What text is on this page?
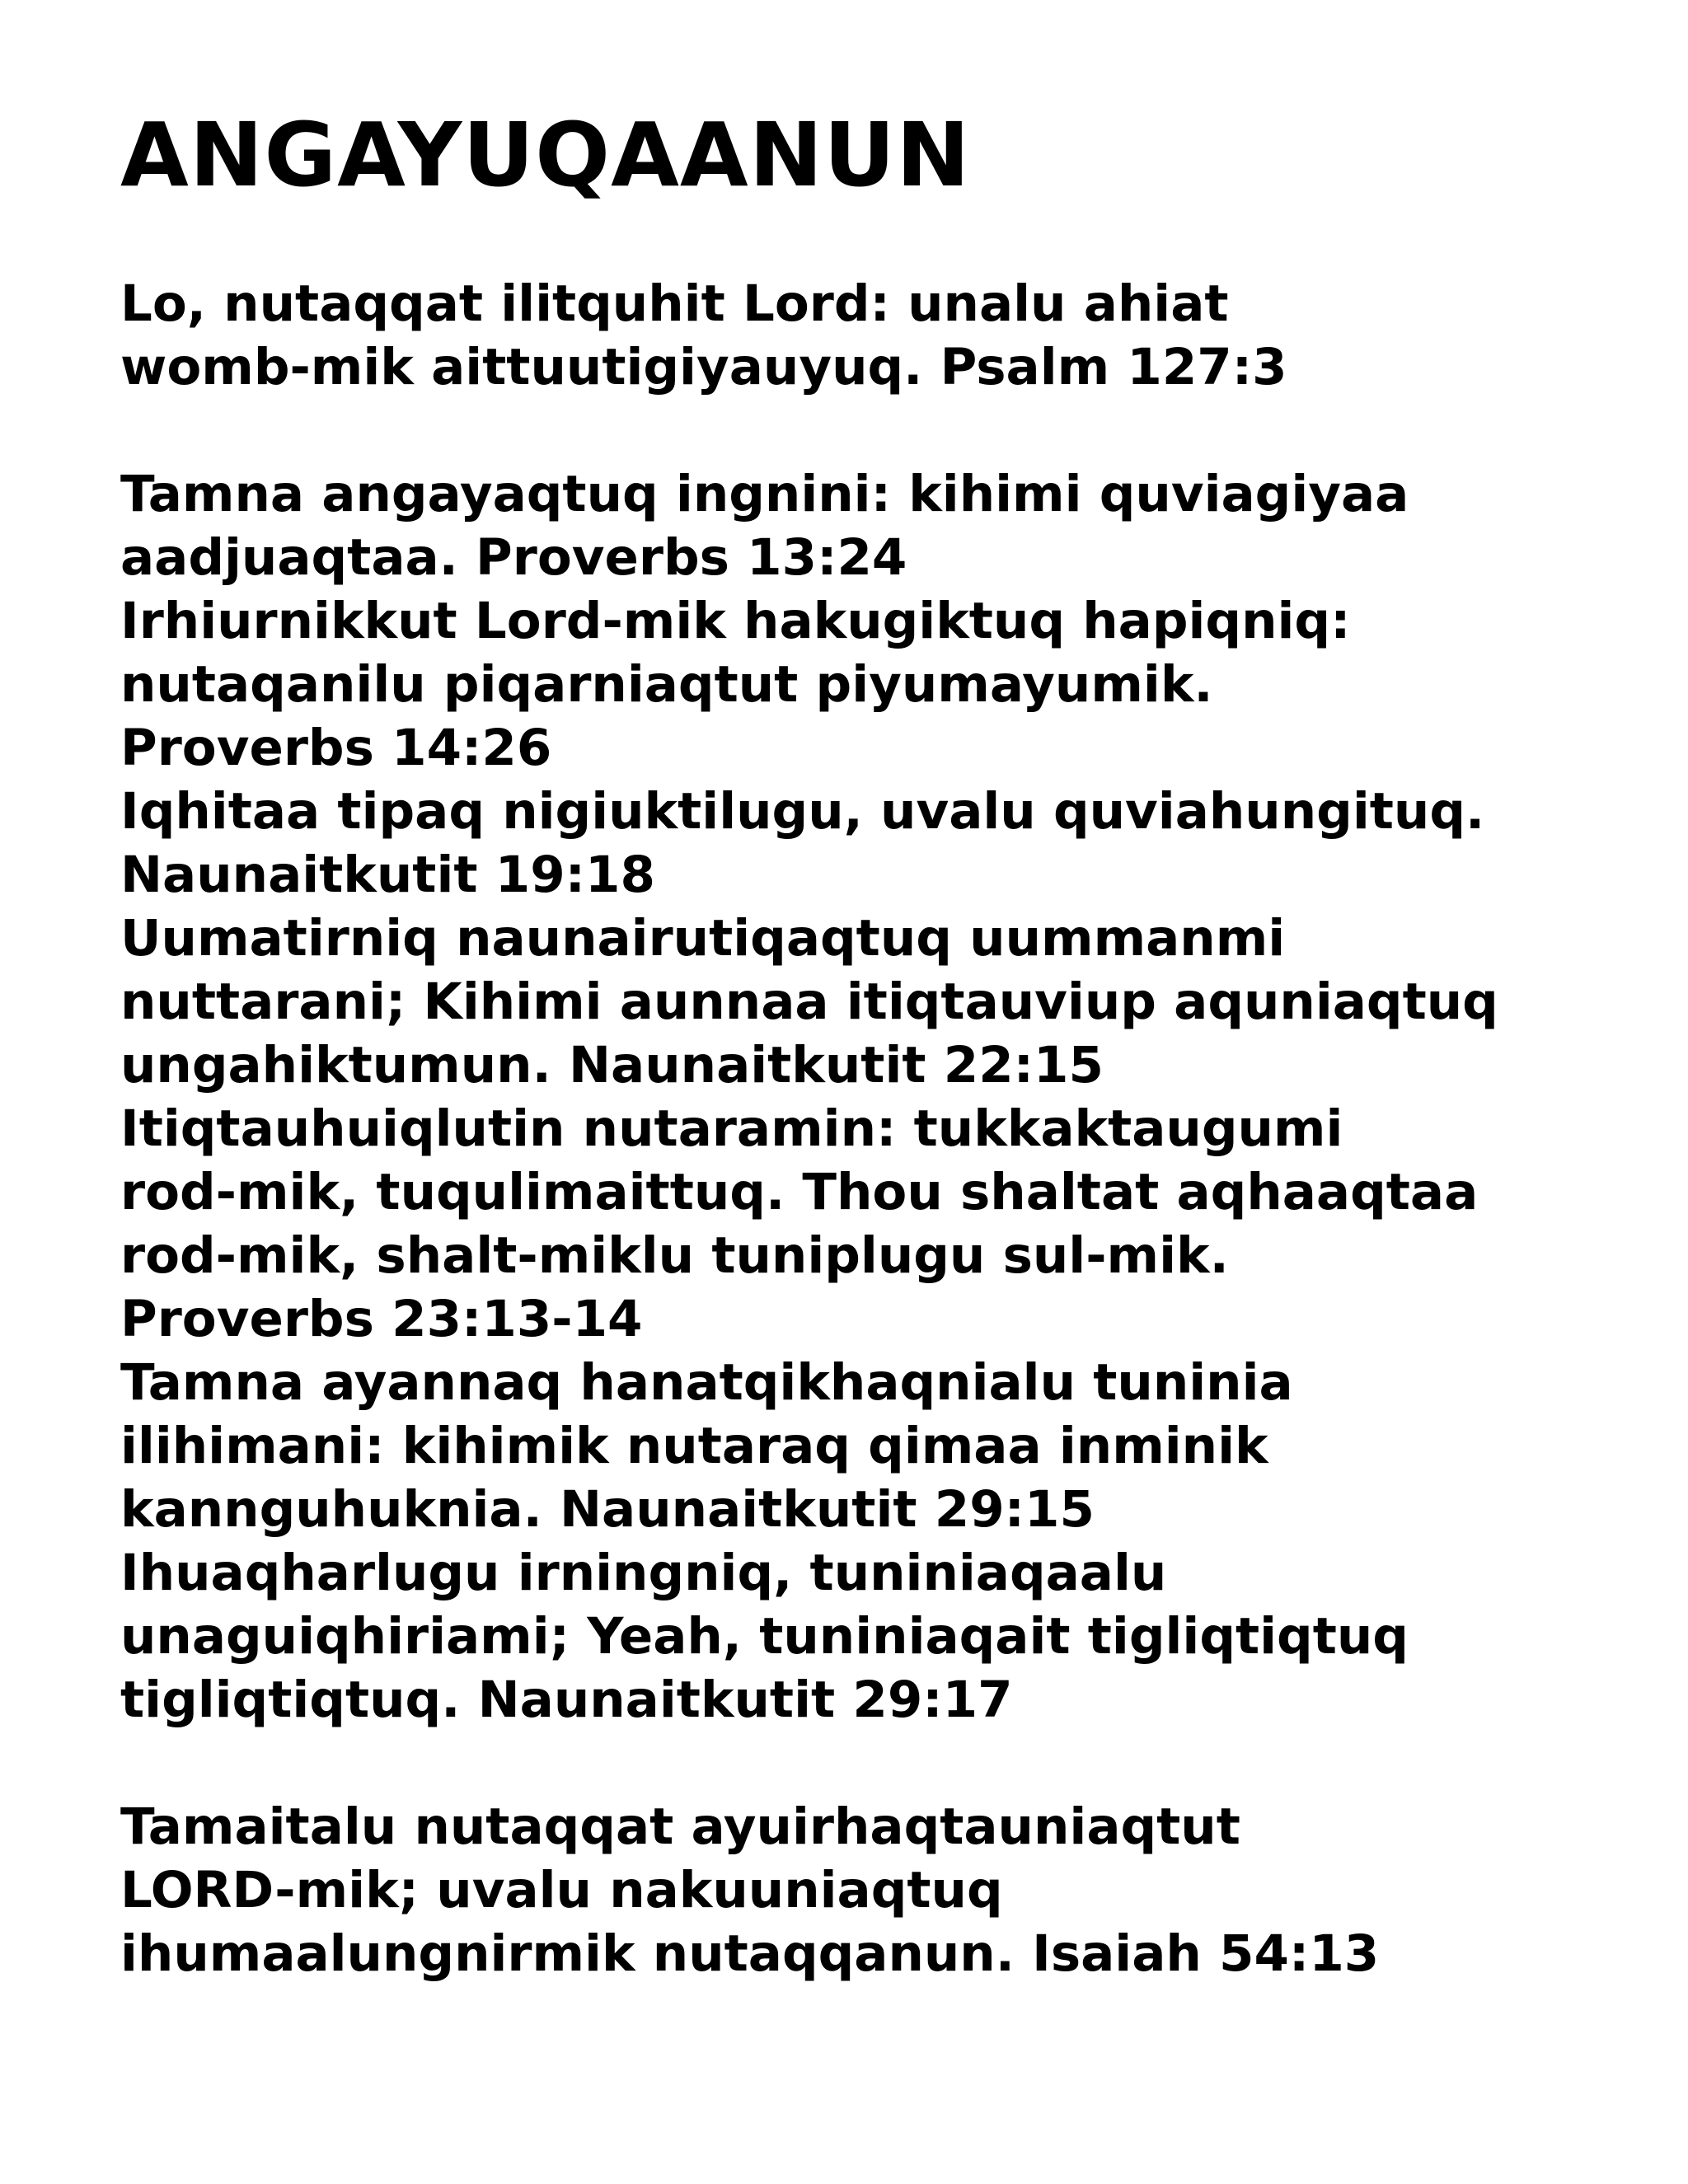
ANGAYUQAANUN
Lo, nutaqqat ilitquhit Lord: unalu ahiat
womb-mik aittuutigiyauyuq. Psalm 127:3
Tamna angayaqtuq ingnini: kihimi quviagiyaa
aadjuaqtaa. Proverbs 13:24
Irhiurnikkut Lord-mik hakugiktuq hapiqniq:
nutaqanilu piqarniaqtut piyumayumik.
Proverbs 14:26
Iqhitaa tipaq nigiuktilugu, uvalu quviahungituq.
Naunaitkutit 19:18
Uumatirniq naunairutiqaqtuq uummanmi
nuttarani; Kihimi aunnaa itiqtauviup aquniaqtuq
ungahiktumun. Naunaitkutit 22:15
Itiqtauhuiqlutin nutaramin: tukkaktaugumi
rod-mik, tuqulimaittuq. Thou shaltat aqhaaqtaa
rod-mik, shalt-miklu tuniplugu sul-mik.
Proverbs 23:13-14
Tamna ayannaq hanatqikhaqnialu tuninia
ilihimani: kihimik nutaraq qimaa inminik
kannguhuknia. Naunaitkutit 29:15
Ihuaqharlugu irningniq, tuniniaqaalu
unaguiqhiriami; Yeah, tuniniaqait tigliqtiqtuq
tigliqtiqtuq. Naunaitkutit 29:17
Tamaitalu nutaqqat ayuirhaqtauniaqtut
LORD-mik; uvalu nakuuniaqtuq
ihumaalungnirmik nutaqqanun. Isaiah 54:13
